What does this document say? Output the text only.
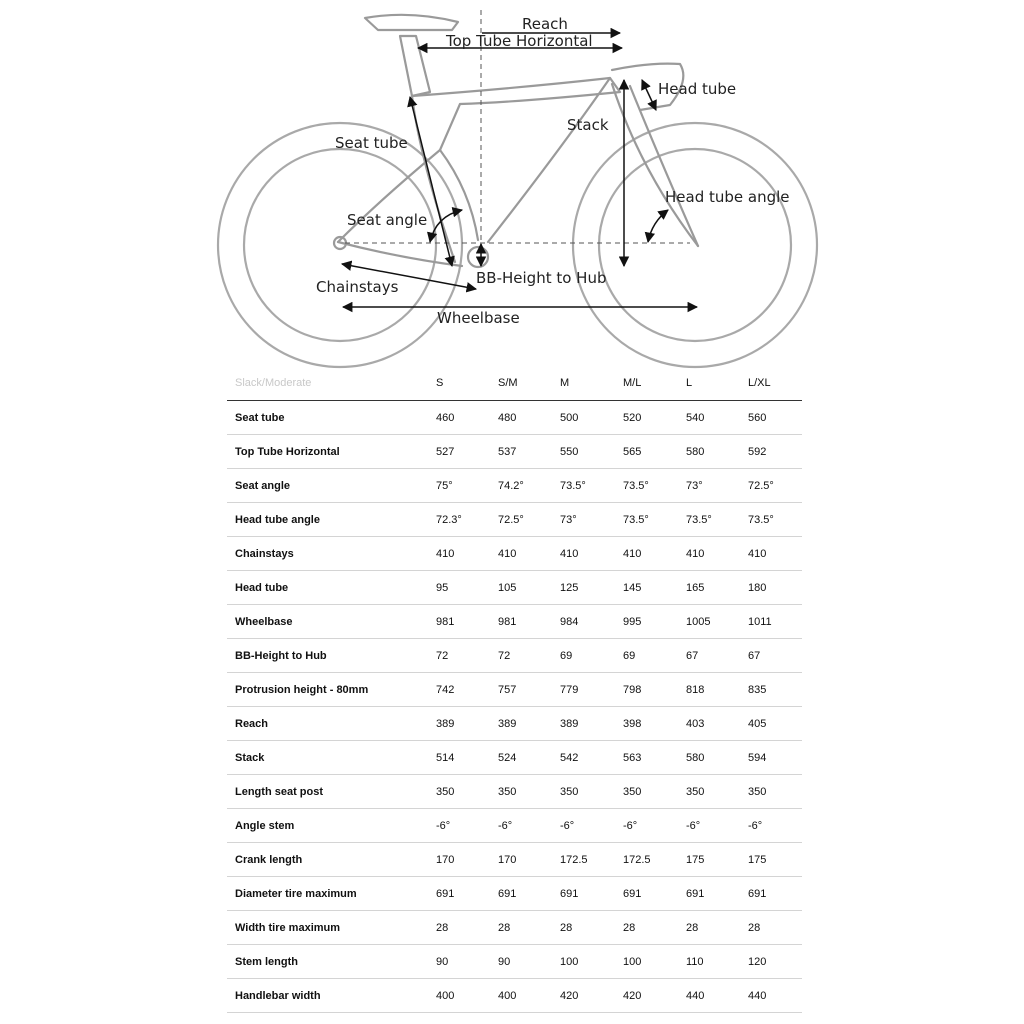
Reach
Top Tube Horizontal
Head tube
Stack
Seat tube
Head tube angle
Seat angle
BB-Height to Hub
Chainstays
Wheelbase
Slack/Moderate	S	S/M	M	M/L	L	L/XL
Seat tube	460	480	500	520	540	560
Top Tube Horizontal	527	537	550	565	580	592
Seat angle	75°	74.2°	73.5°	73.5°	73°	72.5°
Head tube angle	72.3°	72.5°	73°	73.5°	73.5°	73.5°
Chainstays	410	410	410	410	410	410
Head tube	95	105	125	145	165	180
Wheelbase	981	981	984	995	1005	1011
BB-Height to Hub	72	72	69	69	67	67
Protrusion height - 80mm	742	757	779	798	818	835
Reach	389	389	389	398	403	405
Stack	514	524	542	563	580	594
Length seat post	350	350	350	350	350	350
Angle stem	-6°	-6°	-6°	-6°	-6°	-6°
Crank length	170	170	172.5	172.5	175	175
Diameter tire maximum	691	691	691	691	691	691
Width tire maximum	28	28	28	28	28	28
Stem length	90	90	100	100	110	120
Handlebar width	400	400	420	420	440	440
